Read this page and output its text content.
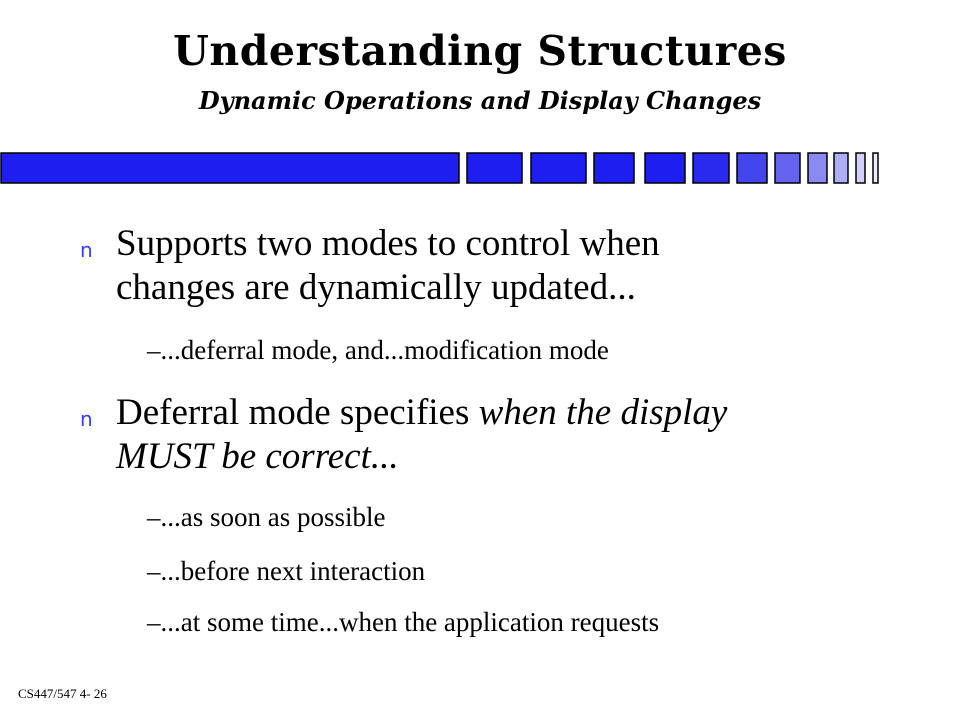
Understanding Structures
Dynamic Operations and Display Changes
n Supports two modes to control when
changes are dynamically updated...
–...deferral mode, and...modification mode
n Deferral mode specifies when the display
MUST be correct...
–...as soon as possible
–...before next interaction
–...at some time...when the application requests
CS447/547 4- 26
